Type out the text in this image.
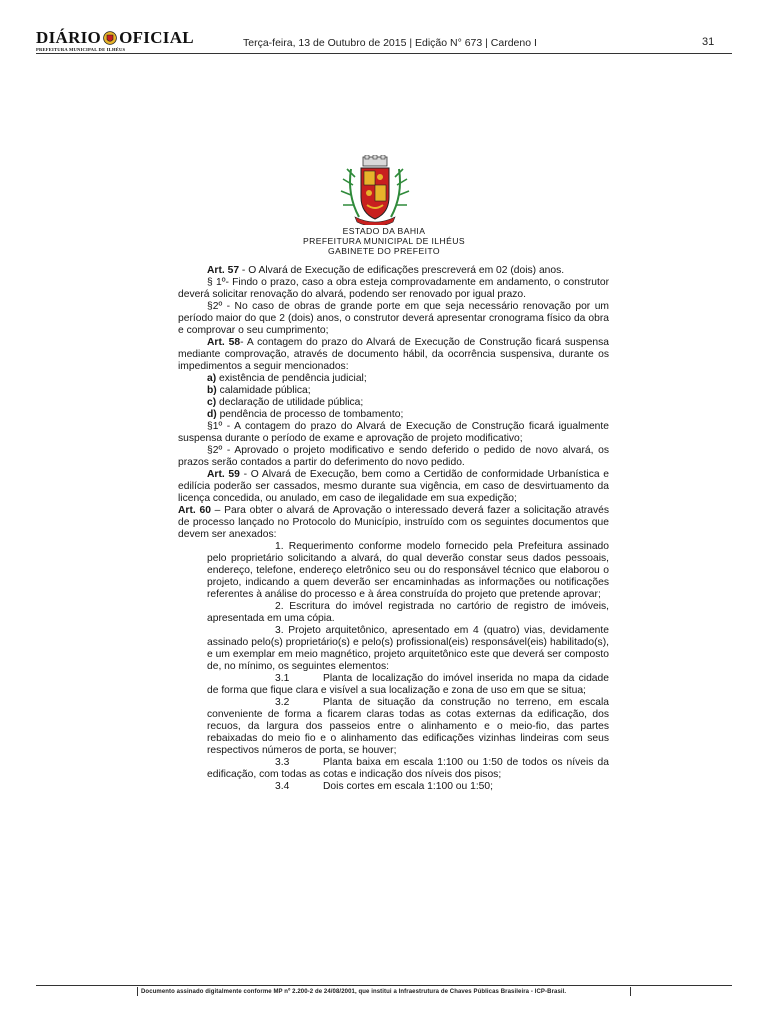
DIÁRIO OFICIAL
PREFEITURA MUNICIPAL DE ILHÉUS
Terça-feira, 13 de Outubro de 2015 | Edição N° 673 | Cardeno I	31
ESTADO DA BAHIA
PREFEITURA MUNICIPAL DE ILHÉUS
GABINETE DO PREFEITO

Art. 57 - O Alvará de Execução de edificações prescreverá em 02 (dois) anos.

§ 1º- Findo o prazo, caso a obra esteja comprovadamente em andamento, o construtor deverá solicitar renovação do alvará, podendo ser renovado por igual prazo.

§2º - No caso de obras de grande porte em que seja necessário renovação por um período maior do que 2 (dois) anos, o construtor deverá apresentar cronograma físico da obra e comprovar o seu cumprimento;

Art. 58- A contagem do prazo do Alvará de Execução de Construção ficará suspensa mediante comprovação, através de documento hábil, da ocorrência suspensiva, durante os impedimentos a seguir mencionados:

a) existência de pendência judicial;
b) calamidade pública;
c) declaração de utilidade pública;
d) pendência de processo de tombamento;

§1º - A contagem do prazo do Alvará de Execução de Construção ficará igualmente suspensa durante o período de exame e aprovação de projeto modificativo;

§2º - Aprovado o projeto modificativo e sendo deferido o pedido de novo alvará, os prazos serão contados a partir do deferimento do novo pedido.

Art. 59 - O Alvará de Execução, bem como a Certidão de conformidade Urbanística e edilícia poderão ser cassados, mesmo durante sua vigência, em caso de desvirtuamento da licença concedida, ou anulado, em caso de ilegalidade em sua expedição;

Art. 60 – Para obter o alvará de Aprovação o interessado deverá fazer a solicitação através de processo lançado no Protocolo do Município, instruído com os seguintes documentos que devem ser anexados:

1. Requerimento conforme modelo fornecido pela Prefeitura assinado pelo proprietário solicitando a alvará, do qual deverão constar seus dados pessoais, endereço, telefone, endereço eletrônico seu ou do responsável técnico que elaborou o projeto, indicando a quem deverão ser encaminhadas as informações ou notificações referentes à análise do processo e à área construída do projeto que pretende aprovar;

2. Escritura do imóvel registrada no cartório de registro de imóveis, apresentada em uma cópia.

3. Projeto arquitetônico, apresentado em 4 (quatro) vias, devidamente assinado pelo(s) proprietário(s) e pelo(s) profissional(eis) responsável(eis) habilitado(s), e um exemplar em meio magnético, projeto arquitetônico este que deverá ser composto de, no mínimo, os seguintes elementos:

3.1	Planta de localização do imóvel inserida no mapa da cidade de forma que fique clara e visível a sua localização e zona de uso em que se situa;

3.2	Planta de situação da construção no terreno, em escala conveniente de forma a ficarem claras todas as cotas externas da edificação, dos recuos, da largura dos passeios entre o alinhamento e o meio-fio, das partes rebaixadas do meio fio e o alinhamento das edificações vizinhas lindeiras com seus respectivos números de porta, se houver;

3.3	Planta baixa em escala 1:100 ou 1:50 de todos os níveis da edificação, com todas as cotas e indicação dos níveis dos pisos;

3.4	Dois cortes em escala 1:100 ou 1:50;

Documento assinado digitalmente conforme MP nº 2.200-2 de 24/08/2001, que institui a Infraestrutura de Chaves Públicas Brasileira - ICP-Brasil.
